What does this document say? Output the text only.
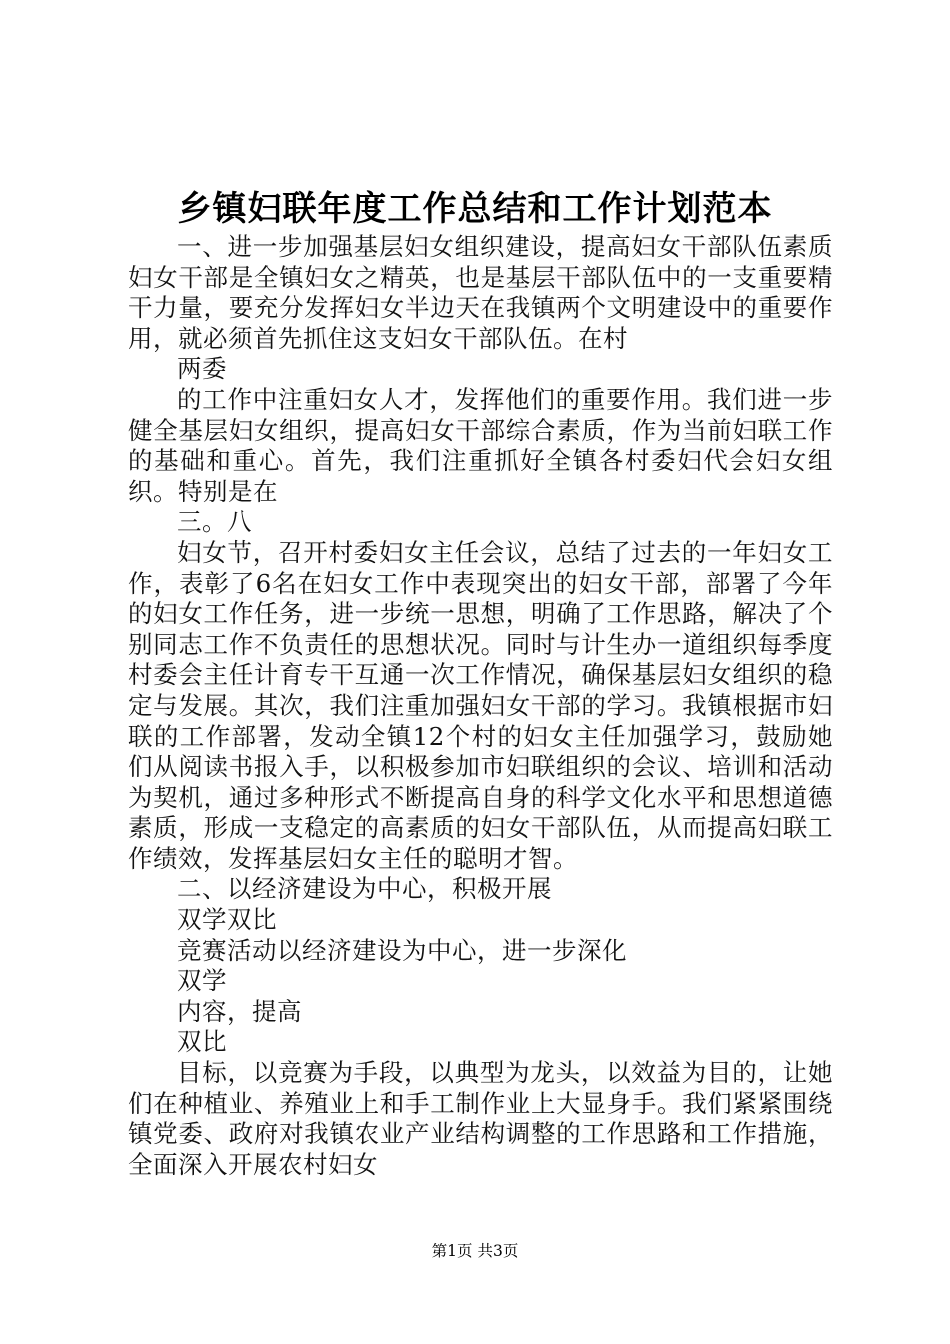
乡镇妇联年度工作总结和工作计划范本

一、进一步加强基层妇女组织建设，提高妇女干部队伍素质妇女干部是全镇妇女之精英，也是基层干部队伍中的一支重要精干力量，要充分发挥妇女半边天在我镇两个文明建设中的重要作用，就必须首先抓住这支妇女干部队伍。在村

两委

的工作中注重妇女人才，发挥他们的重要作用。我们进一步健全基层妇女组织，提高妇女干部综合素质，作为当前妇联工作的基础和重心。首先，我们注重抓好全镇各村委妇代会妇女组织。特别是在

三。八

妇女节，召开村委妇女主任会议，总结了过去的一年妇女工作，表彰了6名在妇女工作中表现突出的妇女干部，部署了今年的妇女工作任务，进一步统一思想，明确了工作思路，解决了个别同志工作不负责任的思想状况。同时与计生办一道组织每季度村委会主任计育专干互通一次工作情况，确保基层妇女组织的稳定与发展。其次，我们注重加强妇女干部的学习。我镇根据市妇联的工作部署，发动全镇12个村的妇女主任加强学习，鼓励她们从阅读书报入手，以积极参加市妇联组织的会议、培训和活动为契机，通过多种形式不断提高自身的科学文化水平和思想道德素质，形成一支稳定的高素质的妇女干部队伍，从而提高妇联工作绩效，发挥基层妇女主任的聪明才智。

二、以经济建设为中心，积极开展

双学双比

竞赛活动以经济建设为中心，进一步深化

双学

内容，提高

双比

目标，以竞赛为手段，以典型为龙头，以效益为目的，让她们在种植业、养殖业上和手工制作业上大显身手。我们紧紧围绕镇党委、政府对我镇农业产业结构调整的工作思路和工作措施，全面深入开展农村妇女

第1页 共3页
